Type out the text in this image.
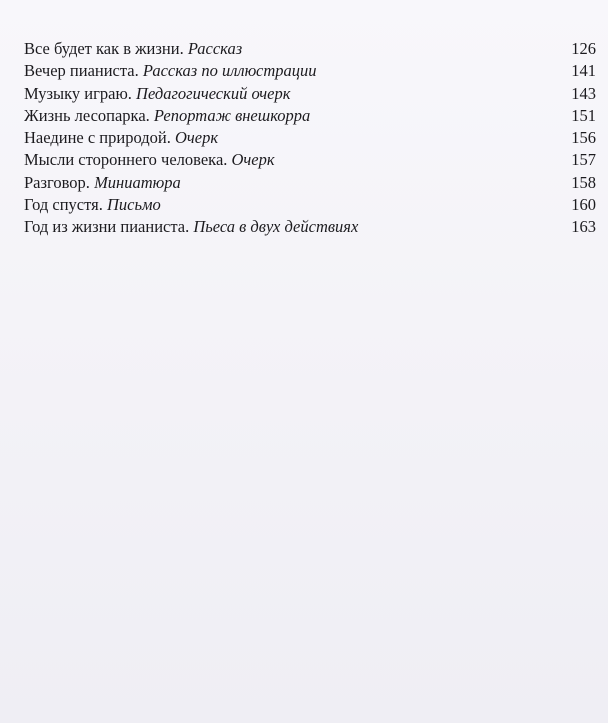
Все будет как в жизни. Рассказ	126
Вечер пианиста. Рассказ по иллюстрации	141
Музыку играю. Педагогический очерк	143
Жизнь лесопарка. Репортаж внешкорра	151
Наедине с природой. Очерк	156
Мысли стороннего человека. Очерк	157
Разговор. Миниатюра	158
Год спустя. Письмо	160
Год из жизни пианиста. Пьеса в двух действиях	163
